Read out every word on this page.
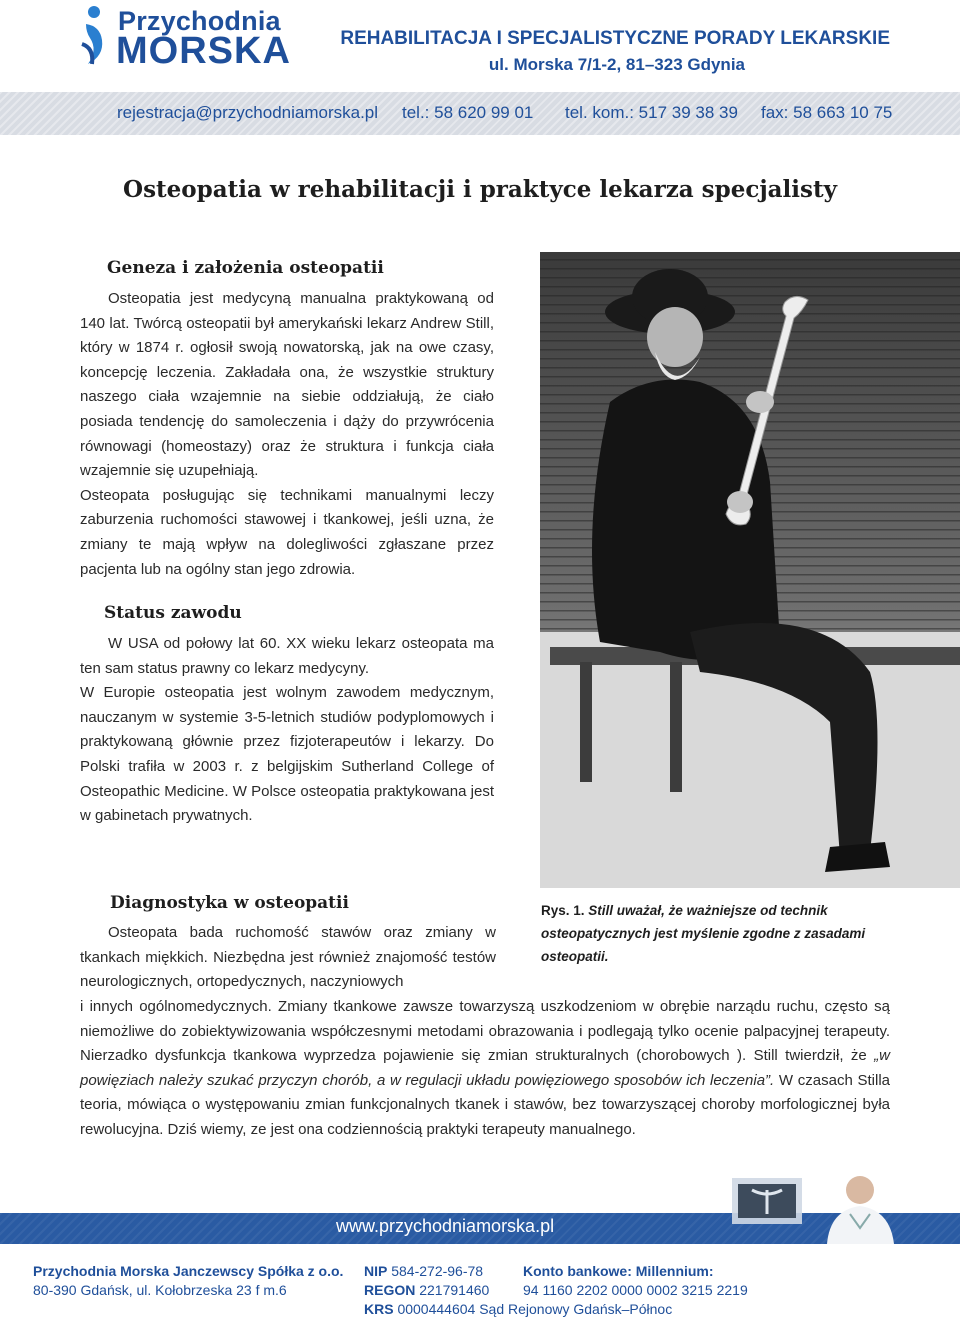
Przychodnia
MORSKA	REHABILITACJA I SPECJALISTYCZNE PORADY LEKARSKIE
ul. Morska 7/1-2, 81–323 Gdynia
rejestracja@przychodniamorska.pl tel.: 58 620 99 01 tel. kom.: 517 39 38 39 fax: 58 663 10 75
Osteopatia w rehabilitacji i praktyce lekarza specjalisty
Geneza i założenia osteopatii

Osteopatia jest medycyną manualna praktykowaną od 140 lat. Twórcą osteopatii był amerykański lekarz Andrew Still, który w 1874 r. ogłosił swoją nowatorską, jak na owe czasy, koncepcję leczenia. Zakładała ona, że wszystkie struktury naszego ciała wzajemnie na siebie oddziałują, że ciało posiada tendencję do samoleczenia i dąży do przywrócenia równowagi (homeostazy) oraz że struktura i funkcja ciała wzajemnie się uzupełniają.

Osteopata posługując się technikami manualnymi leczy zaburzenia ruchomości stawowej i tkankowej, jeśli uzna, że zmiany te mają wpływ na dolegliwości zgłaszane przez pacjenta lub na ogólny stan jego zdrowia.

Status zawodu

W USA od połowy lat 60. XX wieku lekarz osteopata ma ten sam status prawny co lekarz medycyny.

W Europie osteopatia jest wolnym zawodem medycznym, nauczanym w systemie 3-5-letnich studiów podyplomowych i praktykowaną głównie przez fizjoterapeutów i lekarzy. Do Polski trafiła w 2003 r. z belgijskim Sutherland College of Osteopathic Medicine. W Polsce osteopatia praktykowana jest w gabinetach prywatnych.

Rys. 1. Still uważał, że ważniejsze od technik osteopatycznych jest myślenie zgodne z zasadami osteopatii.
Diagnostyka w osteopatii

Osteopata bada ruchomość stawów oraz zmiany w tkankach miękkich. Niezbędna jest również znajomość testów neurologicznych, ortopedycznych, naczyniowych

i innych ogólnomedycznych. Zmiany tkankowe zawsze towarzyszą uszkodzeniom w obrębie narządu ruchu, często są niemożliwe do zobiektywizowania współczesnymi metodami obrazowania i podlegają tylko ocenie palpacyjnej terapeuty. Nierzadko dysfunkcja tkankowa wyprzedza pojawienie się zmian strukturalnych (chorobowych ). Still twierdził, że „w powięziach należy szukać przyczyn chorób, a w regulacji układu powięziowego sposobów ich leczenia”. W czasach Stilla teoria, mówiąca o występowaniu zmian funkcjonalnych tkanek i stawów, bez towarzyszącej choroby morfologicznej była rewolucyjna. Dziś wiemy, ze jest ona codziennością praktyki terapeuty manualnego.

www.przychodniamorska.pl
Przychodnia Morska Janczewscy Spółka z o.o.
80-390 Gdańsk, ul. Kołobrzeska 23 f m.6
NIP 584-272-96-78
REGON 221791460
KRS 0000444604 Sąd Rejonowy Gdańsk–Północ
Konto bankowe: Millennium:
94 1160 2202 0000 0002 3215 2219
